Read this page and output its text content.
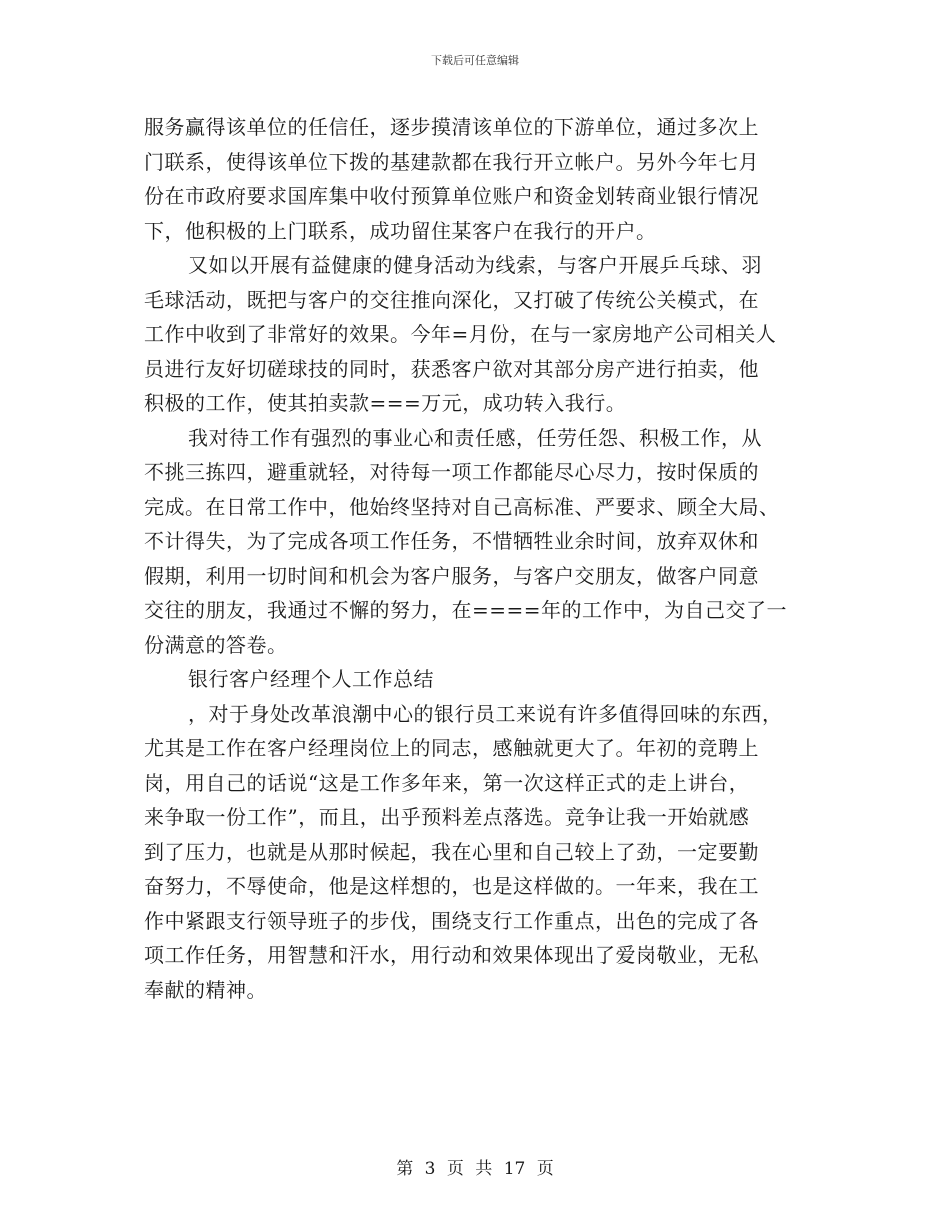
下载后可任意编辑
服务赢得该单位的任信任，逐步摸清该单位的下游单位，通过多次上
门联系，使得该单位下拨的基建款都在我行开立帐户。另外今年七月
份在市政府要求国库集中收付预算单位账户和资金划转商业银行情况
下，他积极的上门联系，成功留住某客户在我行的开户。
又如以开展有益健康的健身活动为线索，与客户开展乒乓球、羽
毛球活动，既把与客户的交往推向深化，又打破了传统公关模式，在
工作中收到了非常好的效果。今年=月份，在与一家房地产公司相关人
员进行友好切磋球技的同时，获悉客户欲对其部分房产进行拍卖，他
积极的工作，使其拍卖款===万元，成功转入我行。
我对待工作有强烈的事业心和责任感，任劳任怨、积极工作，从
不挑三拣四，避重就轻，对待每一项工作都能尽心尽力，按时保质的
完成。在日常工作中，他始终坚持对自己高标准、严要求、顾全大局、
不计得失，为了完成各项工作任务，不惜牺牲业余时间，放弃双休和
假期，利用一切时间和机会为客户服务，与客户交朋友，做客户同意
交往的朋友，我通过不懈的努力，在====年的工作中，为自己交了一
份满意的答卷。
银行客户经理个人工作总结
，对于身处改革浪潮中心的银行员工来说有许多值得回味的东西，
尤其是工作在客户经理岗位上的同志，感触就更大了。年初的竞聘上
岗，用自己的话说“这是工作多年来，第一次这样正式的走上讲台，
来争取一份工作”，而且，出乎预料差点落选。竞争让我一开始就感
到了压力，也就是从那时候起，我在心里和自己较上了劲，一定要勤
奋努力，不辱使命，他是这样想的，也是这样做的。一年来，我在工
作中紧跟支行领导班子的步伐，围绕支行工作重点，出色的完成了各
项工作任务，用智慧和汗水，用行动和效果体现出了爱岗敬业，无私
奉献的精神。
第 3 页 共 17 页
